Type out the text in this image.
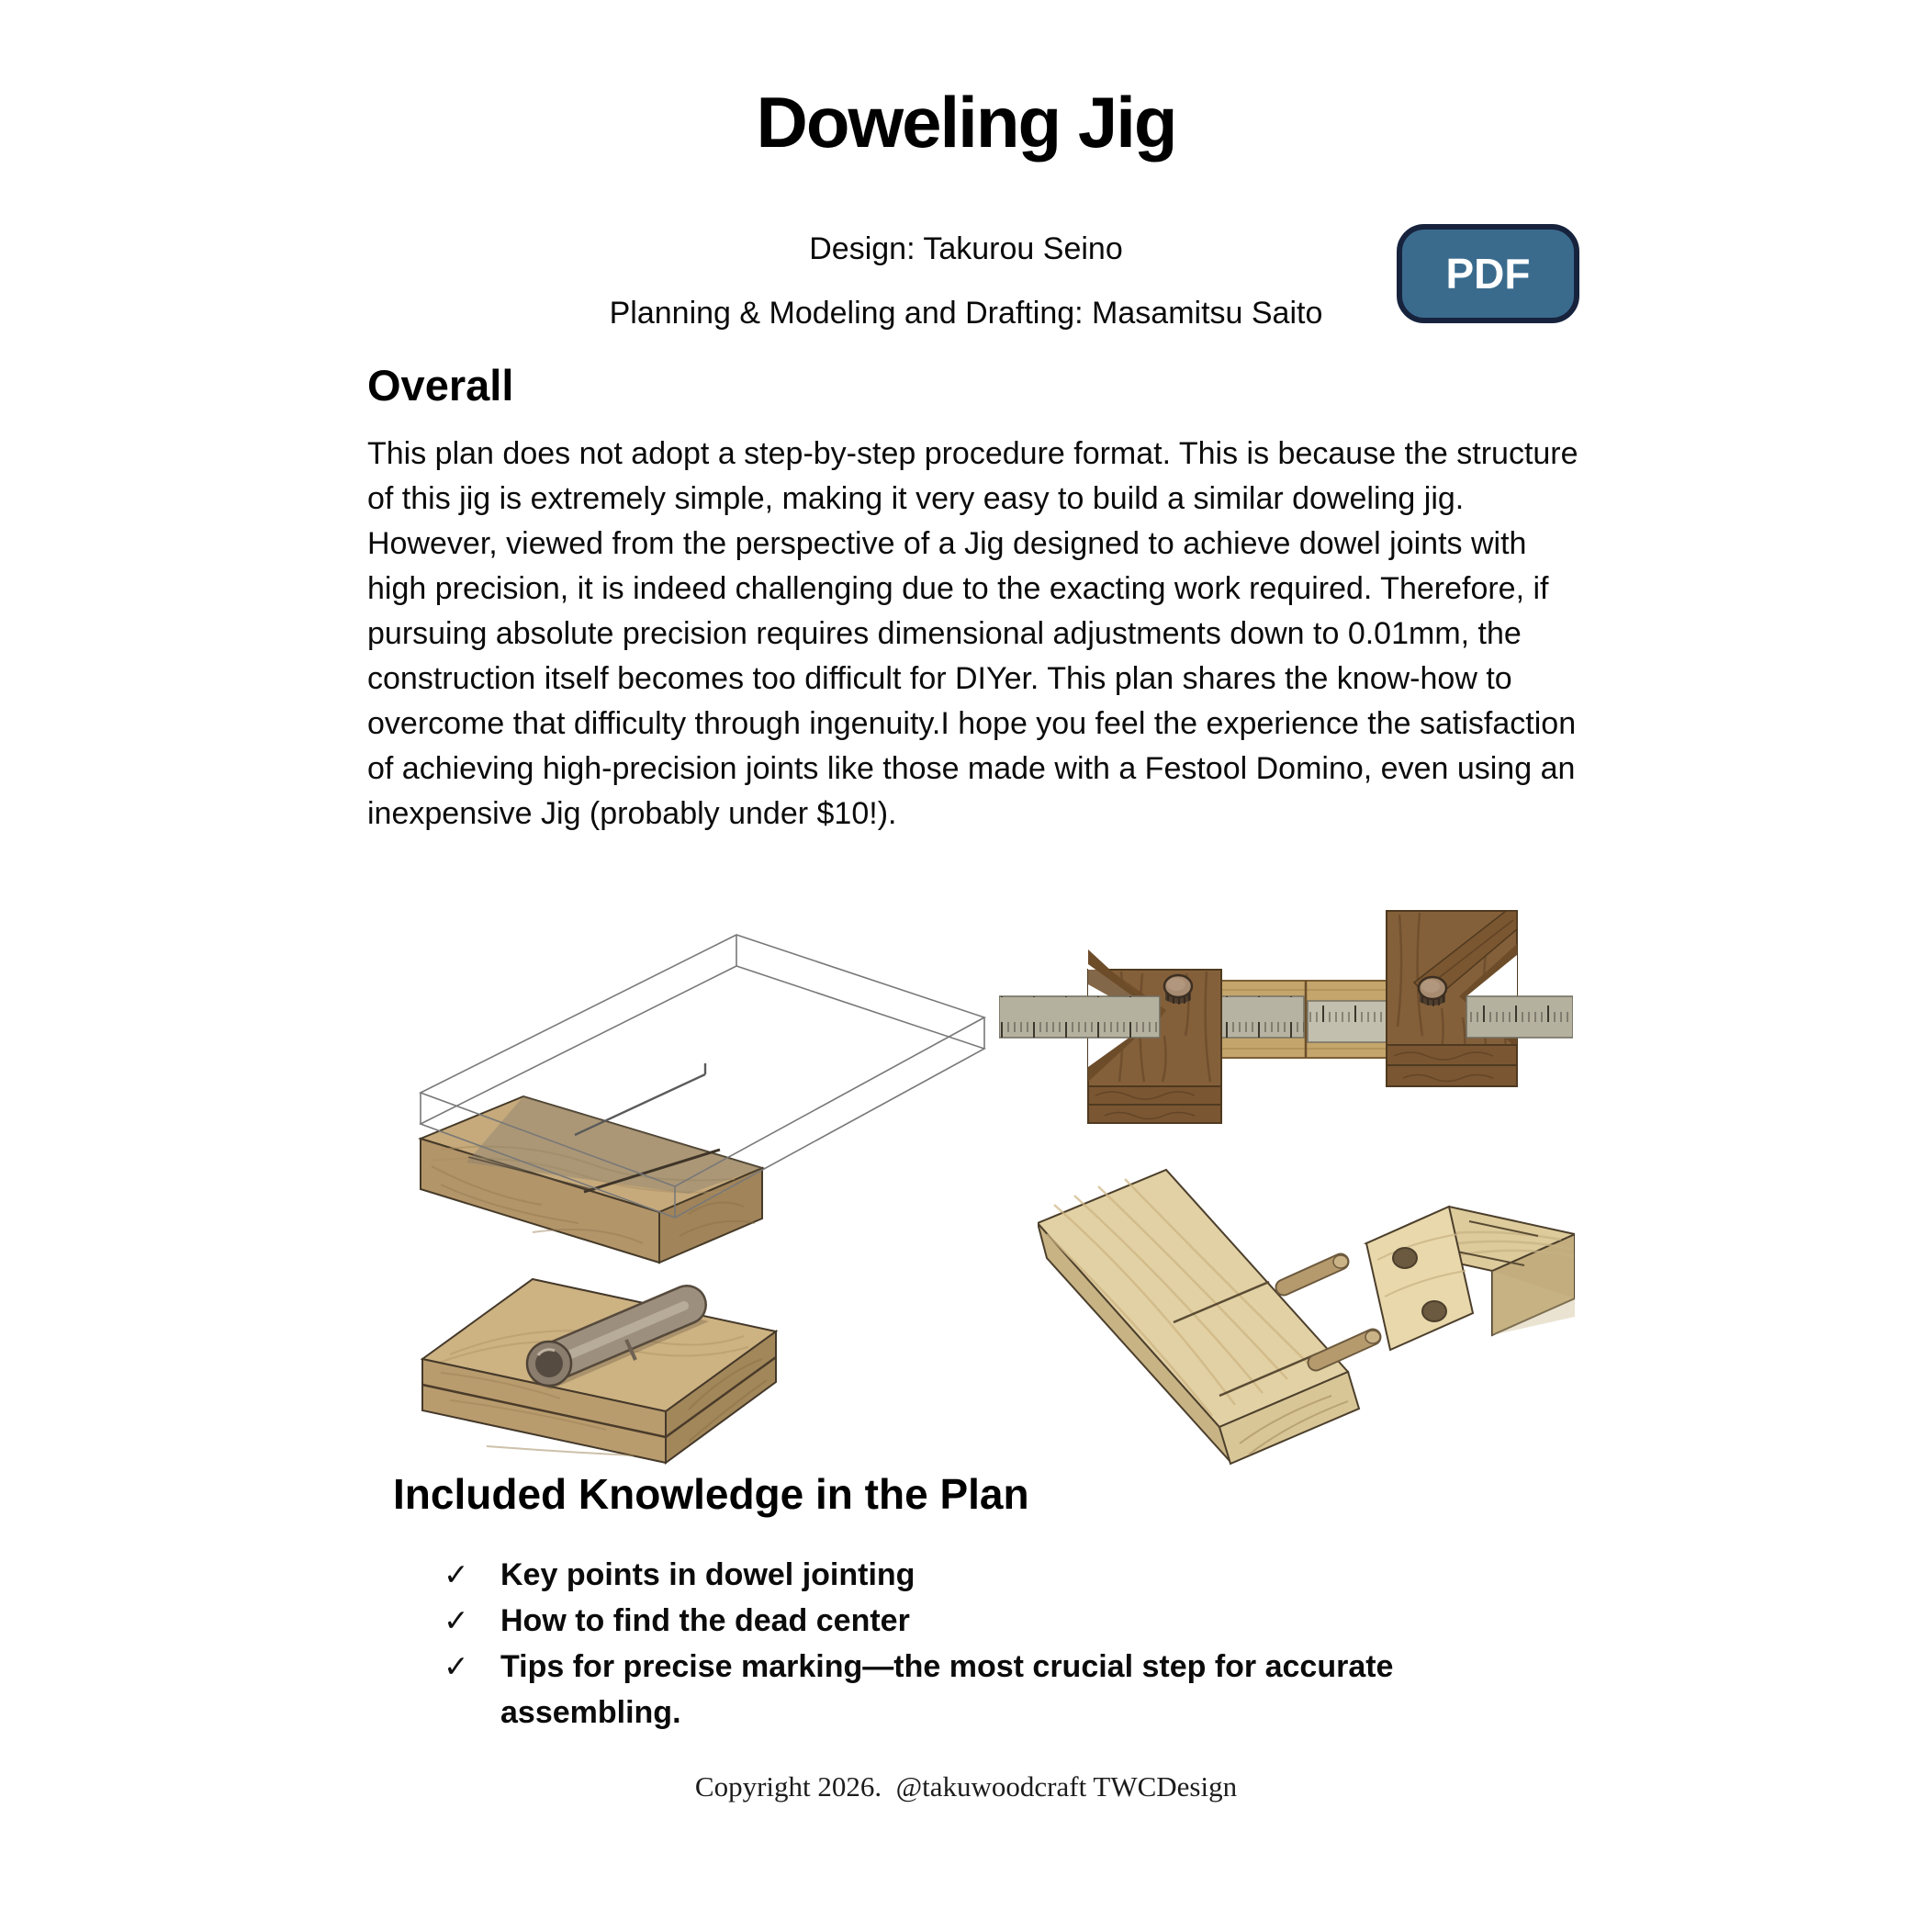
Doweling Jig
Design: Takurou Seino
Planning & Modeling and Drafting: Masamitsu Saito
PDF
Overall
This plan does not adopt a step-by-step procedure format. This is because the structure of this jig is extremely simple, making it very easy to build a similar doweling jig. However, viewed from the perspective of a Jig designed to achieve dowel joints with high precision, it is indeed challenging due to the exacting work required. Therefore, if pursuing absolute precision requires dimensional adjustments down to 0.01mm, the construction itself becomes too difficult for DIYer. This plan shares the know-how to overcome that difficulty through ingenuity.I hope you feel the experience the satisfaction of achieving high-precision joints like those made with a Festool Domino, even using an inexpensive Jig (probably under $10!).
Included Knowledge in the Plan
✓	Key points in dowel jointing
✓	How to find the dead center
✓	Tips for precise marking—the most crucial step for accurate assembling.
Copyright 2026.  @takuwoodcraft TWCDesign
